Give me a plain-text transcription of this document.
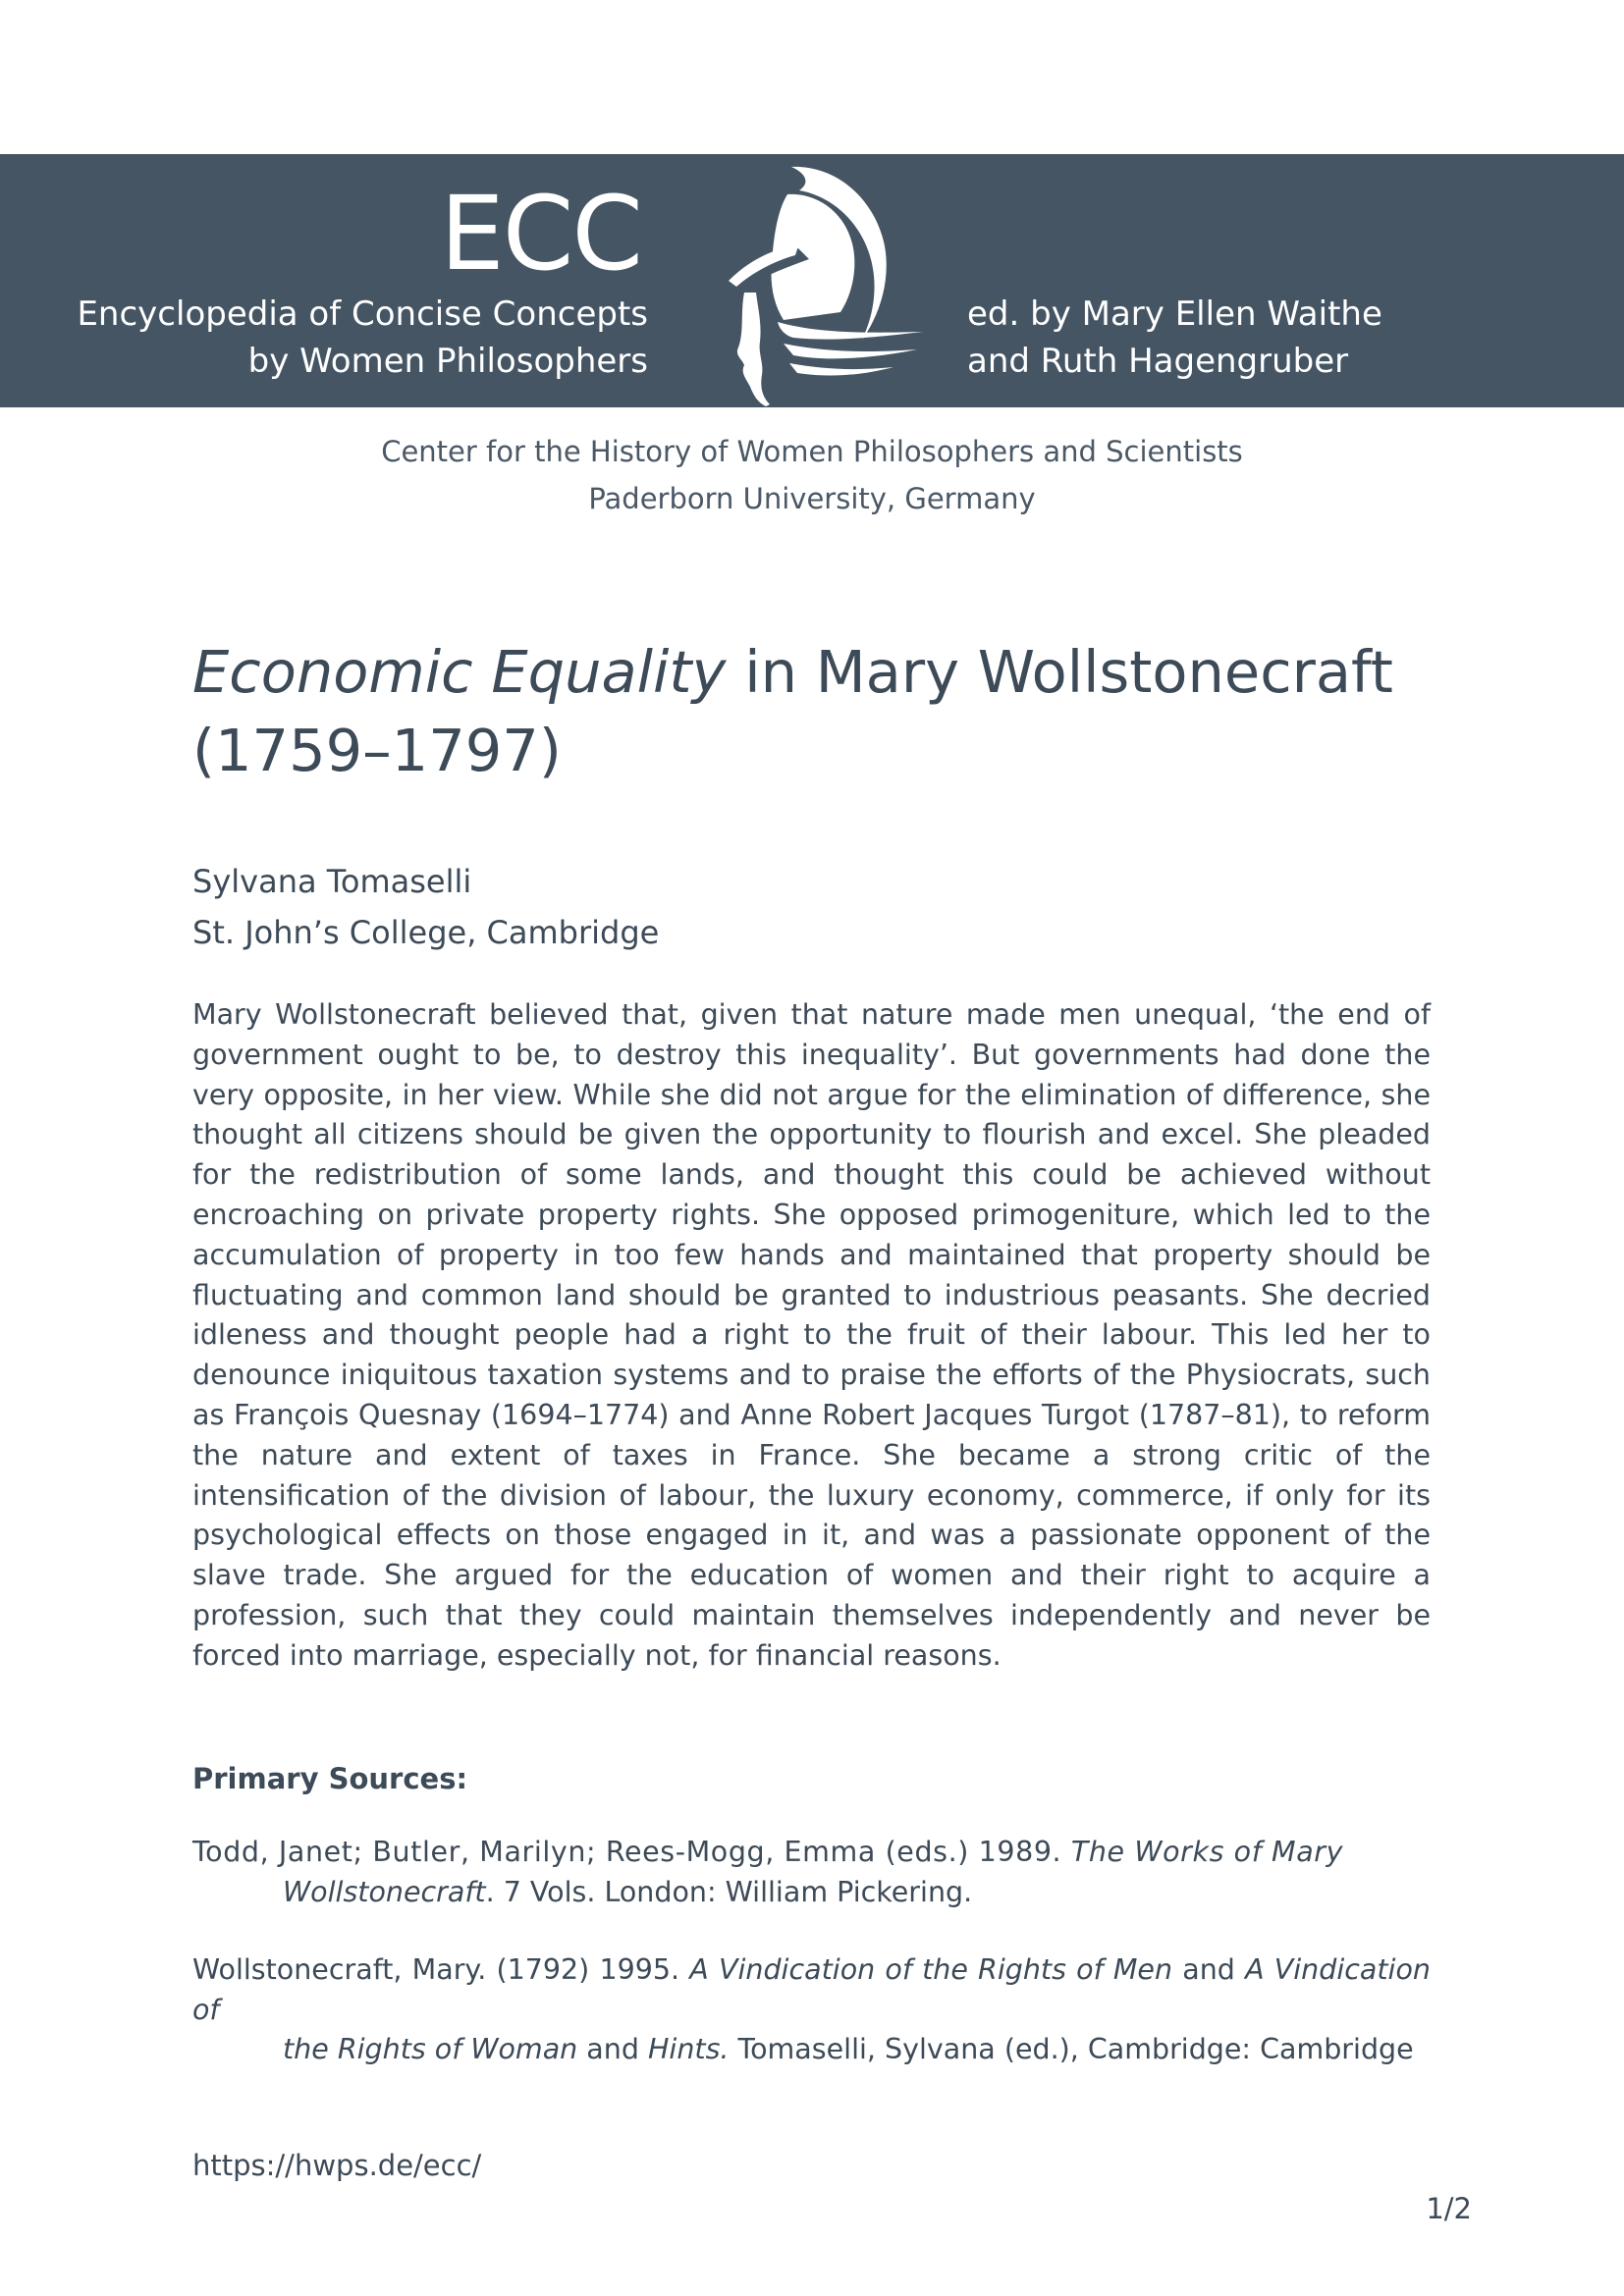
ECC
Encyclopedia of Concise Concepts
by Women Philosophers
ed. by Mary Ellen Waithe
and Ruth Hagengruber
Center for the History of Women Philosophers and Scientists
Paderborn University, Germany
Economic Equality in Mary Wollstonecraft
(1759–1797)
Sylvana Tomaselli
St. John’s College, Cambridge
Mary Wollstonecraft believed that, given that nature made men unequal, ‘the end of government ought to be, to destroy this inequality’. But governments had done the very opposite, in her view. While she did not argue for the elimination of difference, she thought all citizens should be given the opportunity to flourish and excel. She pleaded for the redistribution of some lands, and thought this could be achieved without encroaching on private property rights. She opposed primogeniture, which led to the accumulation of property in too few hands and maintained that property should be fluctuating and common land should be granted to industrious peasants. She decried idleness and thought people had a right to the fruit of their labour. This led her to denounce iniquitous taxation systems and to praise the efforts of the Physiocrats, such as François Quesnay (1694–1774) and Anne Robert Jacques Turgot (1787–81), to reform the nature and extent of taxes in France. She became a strong critic of the intensification of the division of labour, the luxury economy, commerce, if only for its psychological effects on those engaged in it, and was a passionate opponent of the slave trade. She argued for the education of women and their right to acquire a profession, such that they could maintain themselves independently and never be forced into marriage, especially not, for financial reasons.
Primary Sources:
Todd, Janet; Butler, Marilyn; Rees-Mogg, Emma (eds.) 1989. The Works of Mary
Wollstonecraft. 7 Vols. London: William Pickering.
Wollstonecraft, Mary. (1792) 1995. A Vindication of the Rights of Men and A Vindication of
the Rights of Woman and Hints. Tomaselli, Sylvana (ed.), Cambridge: Cambridge
https://hwps.de/ecc/
1/2
